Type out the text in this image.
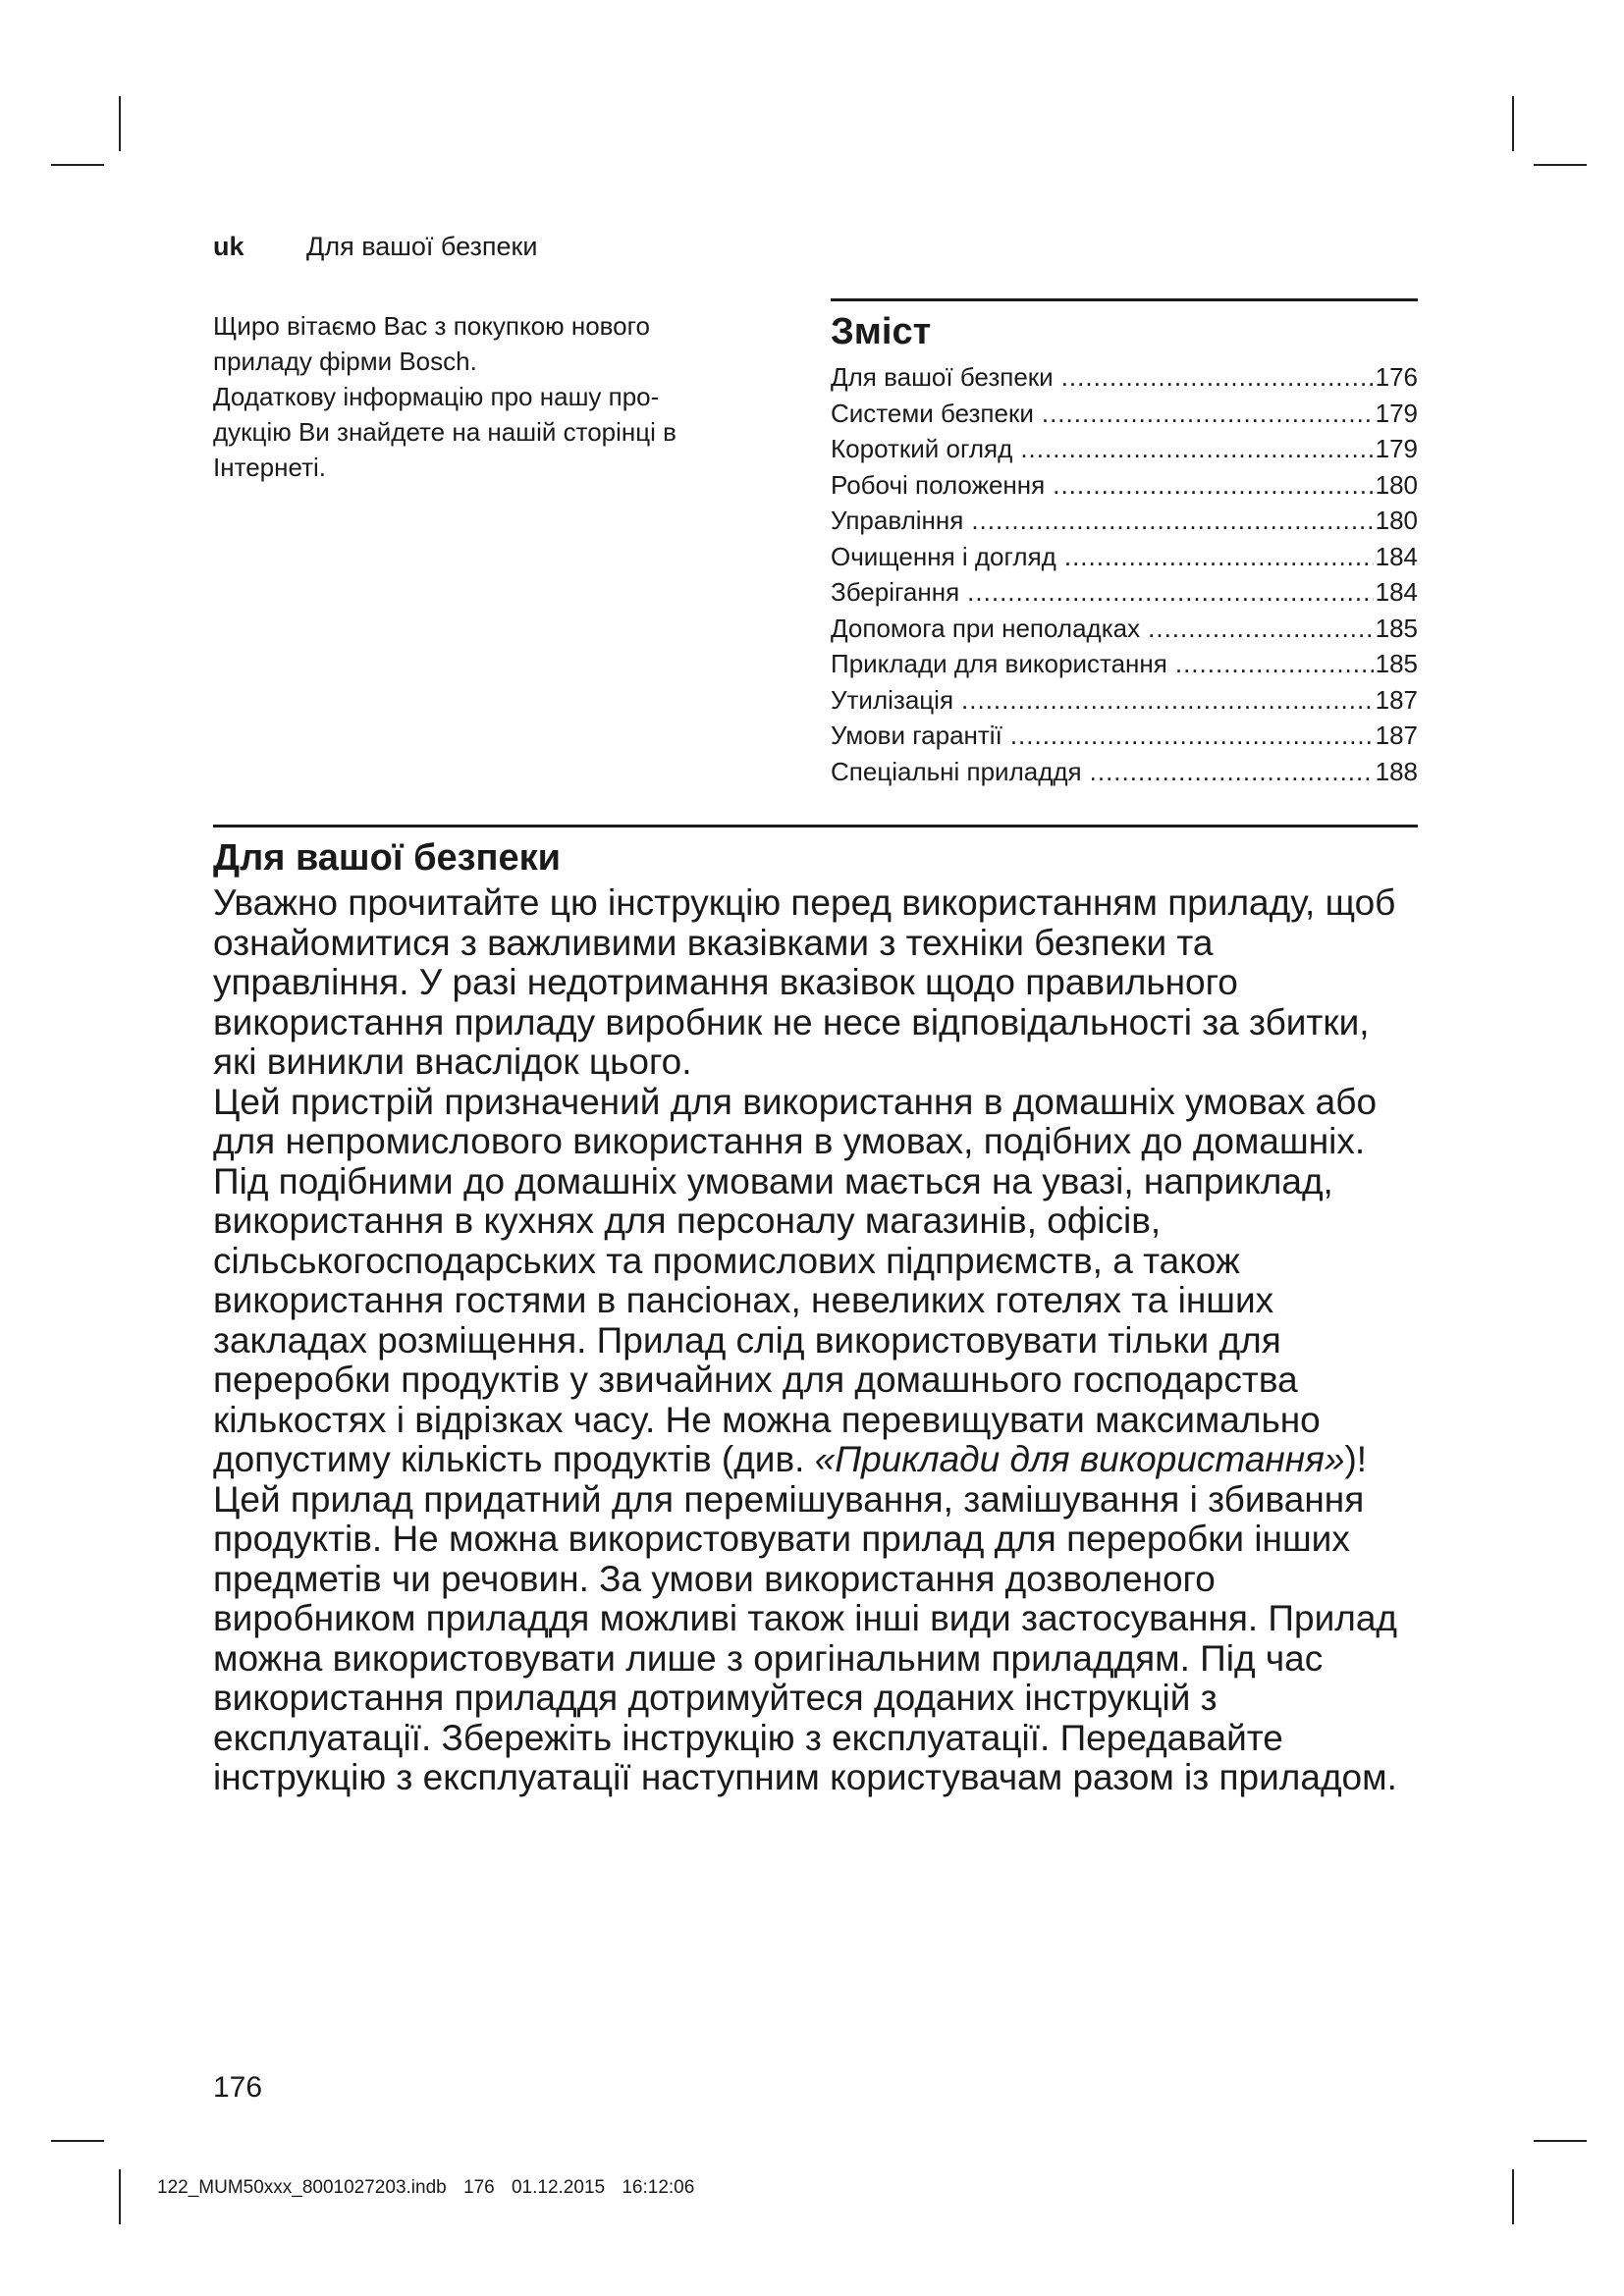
uk Для вашої безпеки

Щиро вітаємо Вас з покупкою нового

приладу фірми Bosch.

Додаткову інформацію про нашу про-

дукцію Ви знайдете на нашій сторінці в

Інтернеті.

Зміст
Для вашої безпеки .....	176
Системи безпеки .....	179
Короткий огляд .....	179
Робочі положення .....	180
Управління .....	180
Очищення і догляд .....	184
Зберігання .....	184
Допомога при неполадках .....	185
Приклади для використання .....	185
Утилізація .....	187
Умови гарантії .....	187
Спеціальні приладдя .....	188
Для вашої безпеки

Уважно прочитайте цю інструкцію перед використанням приладу, щоб ознайомитися з важливими вказівками з техніки безпеки та управління. У разі недотримання вказівок щодо правильного використання приладу виробник не несе відповідальності за збитки, які виникли внаслідок цього.

Цей пристрій призначений для використання в домашніх умовах або для непромислового використання в умовах, подібних до домашніх. Під подібними до домашніх умовами мається на увазі, наприклад, використання в кухнях для персоналу магазинів, офісів, сільськогосподарських та промислових підприємств, а також використання гостями в пансіонах, невеликих готелях та інших закладах розміщення. Прилад слід використовувати тільки для переробки продуктів у звичайних для домашнього господарства кількостях і відрізках часу. Не можна перевищувати максимально допустиму кількість продуктів (див. «Приклади для використання»)!

Цей прилад придатний для перемішування, замішування і збивання продуктів. Не можна використовувати прилад для переробки інших предметів чи речовин. За умови використання дозволеного виробником приладдя можливі також інші види застосування. Прилад можна використовувати лише з оригінальним приладдям. Під час використання приладдя дотримуйтеся доданих інструкцій з експлуатації. Збережіть інструкцію з експлуатації. Передавайте інструкцію з експлуатації наступним користувачам разом із приладом.

176
122_MUM50xxx_8001027203.indb 176 01.12.2015 16:12:06
